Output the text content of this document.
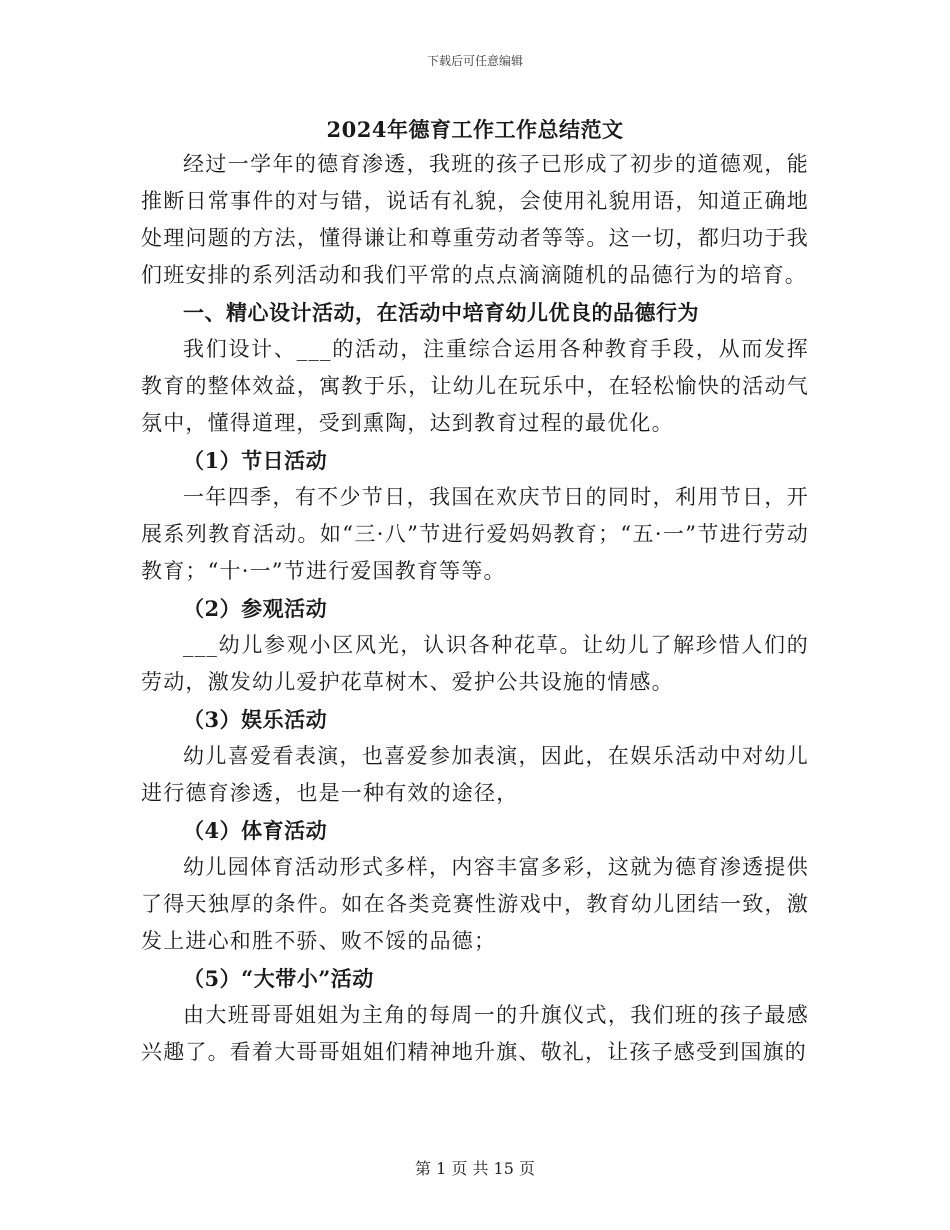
下载后可任意编辑
2024年德育工作工作总结范文

经过一学年的德育渗透，我班的孩子已形成了初步的道德观，能推断日常事件的对与错，说话有礼貌，会使用礼貌用语，知道正确地处理问题的方法，懂得谦让和尊重劳动者等等。这一切，都归功于我们班安排的系列活动和我们平常的点点滴滴随机的品德行为的培育。

一、精心设计活动，在活动中培育幼儿优良的品德行为

我们设计、___的活动，注重综合运用各种教育手段，从而发挥教育的整体效益，寓教于乐，让幼儿在玩乐中，在轻松愉快的活动气氛中，懂得道理，受到熏陶，达到教育过程的最优化。

（1）节日活动

一年四季，有不少节日，我国在欢庆节日的同时，利用节日，开展系列教育活动。如“三·八”节进行爱妈妈教育；“五·一”节进行劳动教育；“十·一”节进行爱国教育等等。

（2）参观活动

___幼儿参观小区风光，认识各种花草。让幼儿了解珍惜人们的劳动，激发幼儿爱护花草树木、爱护公共设施的情感。

（3）娱乐活动

幼儿喜爱看表演，也喜爱参加表演，因此，在娱乐活动中对幼儿进行德育渗透，也是一种有效的途径，

（4）体育活动

幼儿园体育活动形式多样，内容丰富多彩，这就为德育渗透提供了得天独厚的条件。如在各类竞赛性游戏中，教育幼儿团结一致，激发上进心和胜不骄、败不馁的品德；

（5）“大带小”活动

由大班哥哥姐姐为主角的每周一的升旗仪式，我们班的孩子最感兴趣了。看着大哥哥姐姐们精神地升旗、敬礼，让孩子感受到国旗的

第 1 页 共 15 页
